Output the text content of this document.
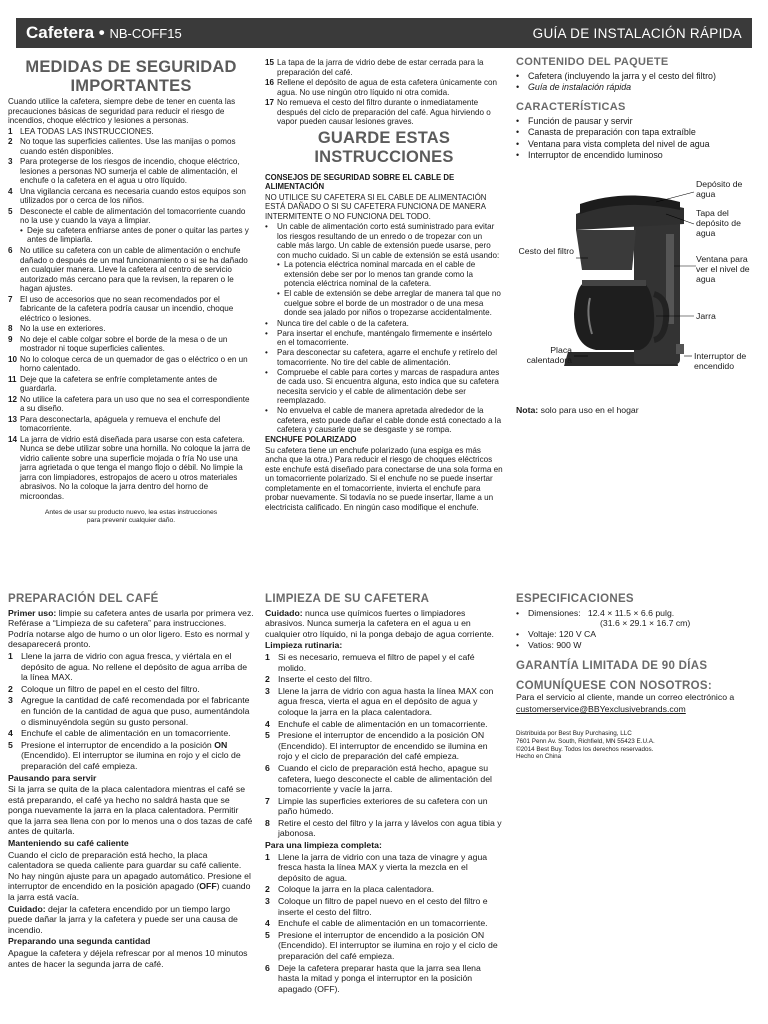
Cafetera • NB-COFF15	GUÍA DE INSTALACIÓN RÁPIDA
MEDIDAS DE SEGURIDAD IMPORTANTES

Cuando utilice la cafetera, siempre debe de tener en cuenta las precauciones básicas de seguridad para reducir el riesgo de incendios, choque eléctrico y lesiones a personas.

1 LEA TODAS LAS INSTRUCCIONES.
2 No toque las superficies calientes. Use las manijas o pomos cuando estén disponibles.
3 Para protegerse de los riesgos de incendio, choque eléctrico, lesiones a personas NO sumerja el cable de alimentación, el enchufe o la cafetera en el agua u otro líquido.
4 Una vigilancia cercana es necesaria cuando estos equipos son utilizados por o cerca de los niños.
5 Desconecte el cable de alimentación del tomacorriente cuando no la use y cuando la vaya a limpiar.
• Deje su cafetera enfriarse antes de poner o quitar las partes y antes de limpiarla.
6 No utilice su cafetera con un cable de alimentación o enchufe dañado o después de un mal funcionamiento o si se ha dañado en cualquier manera. Lleve la cafetera al centro de servicio autorizado más cercano para que la revisen, la reparen o le hagan ajustes.
7 El uso de accesorios que no sean recomendados por el fabricante de la cafetera podría causar un incendio, choque eléctrico o lesiones.
8 No la use en exteriores.
9 No deje el cable colgar sobre el borde de la mesa o de un mostrador ni toque superficies calientes.
10 No lo coloque cerca de un quemador de gas o eléctrico o en un horno calentado.
11 Deje que la cafetera se enfríe completamente antes de guardarla.
12 No utilice la cafetera para un uso que no sea el correspondiente a su diseño.
13 Para desconectarla, apáguela y remueva el enchufe del tomacorriente.
14 La jarra de vidrio está diseñada para usarse con esta cafetera. Nunca se debe utilizar sobre una hornilla. No coloque la jarra de vidrio caliente sobre una superficie mojada o fría No use una jarra agrietada o que tenga el mango flojo o débil. No limpie la jarra con limpiadores, estropajos de acero u otros materiales abrasivos. No la coloque la jarra dentro del horno de microondas.
Antes de usar su producto nuevo, lea estas instrucciones para prevenir cualquier daño.
15 La tapa de la jarra de vidrio debe de estar cerrada para la preparación del café.
16 Rellene el depósito de agua de esta cafetera únicamente con agua. No use ningún otro líquido ni otra comida.
17 No remueva el cesto del filtro durante o inmediatamente después del ciclo de preparación del café. Agua hirviendo o vapor pueden causar lesiones graves.
GUARDE ESTAS INSTRUCCIONES

CONSEJOS DE SEGURIDAD SOBRE EL CABLE DE ALIMENTACIÓN

NO UTILICE SU CAFETERA SI EL CABLE DE ALIMENTACIÓN ESTÁ DAÑADO O SI SU CAFETERA FUNCIONA DE MANERA INTERMITENTE O NO FUNCIONA DEL TODO.

• Un cable de alimentación corto está suministrado para evitar los riesgos resultando de un enredo o de tropezar con un cable más largo. Un cable de extensión puede usarse, pero con mucho cuidado. Si un cable de extensión se está usando:
• La potencia eléctrica nominal marcada en el cable de extensión debe ser por lo menos tan grande como la potencia eléctrica nominal de la cafetera.
• El cable de extensión se debe arreglar de manera tal que no cuelgue sobre el borde de un mostrador o de una mesa donde sea jalado por niños o tropezarse accidentalmente.
• Nunca tire del cable o de la cafetera.
• Para insertar el enchufe, manténgalo firmemente e insértelo en el tomacorriente.
• Para desconectar su cafetera, agarre el enchufe y retírelo del tomacorriente. No tire del cable de alimentación.
• Compruebe el cable para cortes y marcas de raspadura antes de cada uso. Si encuentra alguna, esto indica que su cafetera necesita servicio y el cable de alimentación debe ser reemplazado.
• No envuelva el cable de manera apretada alrededor de la cafetera, esto puede dañar el cable donde está conectado a la cafetera y causarle que se desgaste y se rompa.

ENCHUFE POLARIZADO

Su cafetera tiene un enchufe polarizado (una espiga es más ancha que la otra.) Para reducir el riesgo de choques eléctricos este enchufe está diseñado para conectarse de una sola forma en un tomacorriente polarizado. Si el enchufe no se puede insertar completamente en el tomacorriente, invierta el enchufe para probar nuevamente. Si todavía no se puede insertar, llame a un electricista calificado. En ningún caso modifique el enchufe.

CONTENIDO DEL PAQUETE
• Cafetera (incluyendo la jarra y el cesto del filtro)
• Guía de instalación rápida
CARACTERÍSTICAS
• Función de pausar y servir
• Canasta de preparación con tapa extraíble
• Ventana para vista completa del nivel de agua
• Interruptor de encendido luminoso
Depósito de agua
Tapa del depósito de agua
Cesto del filtro
Ventana para ver el nivel de agua
Jarra
Placa calentadora	Interruptor de encendido
Nota: solo para uso en el hogar
PREPARACIÓN DEL CAFÉ

Primer uso: limpie su cafetera antes de usarla por primera vez. Reférase a “Limpieza de su cafetera” para instrucciones. Podría notarse algo de humo o un olor ligero. Esto es normal y desaparecerá pronto.

1 Llene la jarra de vidrio con agua fresca, y viértala en el depósito de agua. No rellene el depósito de agua arriba de la línea MAX.
2 Coloque un filtro de papel en el cesto del filtro.
3 Agregue la cantidad de café recomendada por el fabricante en función de la cantidad de agua que puso, aumentándola o disminuyéndola según su gusto personal.
4 Enchufe el cable de alimentación en un tomacorriente.
5 Presione el interruptor de encendido a la posición ON (Encendido). El interruptor se ilumina en rojo y el ciclo de preparación del café empieza.

Pausando para servir

Si la jarra se quita de la placa calentadora mientras el café se está preparando, el café ya hecho no saldrá hasta que se ponga nuevamente la jarra en la placa calentadora. Permitir que la jarra sea llena con por lo menos una o dos tazas de café antes de quitarla.

Manteniendo su café caliente

Cuando el ciclo de preparación está hecho, la placa calentadora se queda caliente para guardar su café caliente. No hay ningún ajuste para un apagado automático. Presione el interruptor de encendido en la posición apagado (OFF) cuando la jarra está vacía.

Cuidado: dejar la cafetera encendido por un tiempo largo puede dañar la jarra y la cafetera y puede ser una causa de incendio.

Preparando una segunda cantidad

Apague la cafetera y déjela refrescar por al menos 10 minutos antes de hacer la segunda jarra de café.

LIMPIEZA DE SU CAFETERA

Cuidado: nunca use químicos fuertes o limpiadores abrasivos. Nunca sumerja la cafetera en el agua u en cualquier otro líquido, ni la ponga debajo de agua corriente.

Limpieza rutinaria:

1 Si es necesario, remueva el filtro de papel y el café molido.
2 Inserte el cesto del filtro.
3 Llene la jarra de vidrio con agua hasta la línea MAX con agua fresca, vierta el agua en el depósito de agua y coloque la jarra en la placa calentadora.
4 Enchufe el cable de alimentación en un tomacorriente.
5 Presione el interruptor de encendido a la posición ON (Encendido). El interruptor de encendido se ilumina en rojo y el ciclo de preparación del café empieza.
6 Cuando el ciclo de preparación está hecho, apague su cafetera, luego desconecte el cable de alimentación del tomacorriente y vacíe la jarra.
7 Limpie las superficies exteriores de su cafetera con un paño húmedo.
8 Retire el cesto del filtro y la jarra y lávelos con agua tibia y jabonosa.

Para una limpieza completa:

1 Llene la jarra de vidrio con una taza de vinagre y agua fresca hasta la línea MAX y vierta la mezcla en el depósito de agua.
2 Coloque la jarra en la placa calentadora.
3 Coloque un filtro de papel nuevo en el cesto del filtro e inserte el cesto del filtro.
4 Enchufe el cable de alimentación en un tomacorriente.
5 Presione el interruptor de encendido a la posición ON (Encendido). El interruptor se ilumina en rojo y el ciclo de preparación del café empieza.
6 Deje la cafetera preparar hasta que la jarra sea llena hasta la mitad y ponga el interruptor en la posición apagado (OFF).
ESPECIFICACIONES
• Dimensiones: 12.4 × 11.5 × 6.6 pulg.
(31.6 × 29.1 × 16.7 cm)
• Voltaje: 120 V CA
• Vatios: 900 W
GARANTÍA LIMITADA DE 90 DÍAS
COMUNÍQUESE CON NOSOTROS:

Para el servicio al cliente, mande un correo electrónico a

customerservice@BBYexclusivebrands.com

Distribuida por Best Buy Purchasing, LLC
7601 Penn Av. South, Richfield, MN 55423 E.U.A.
©2014 Best Buy. Todos los derechos reservados.
Hecho en China
